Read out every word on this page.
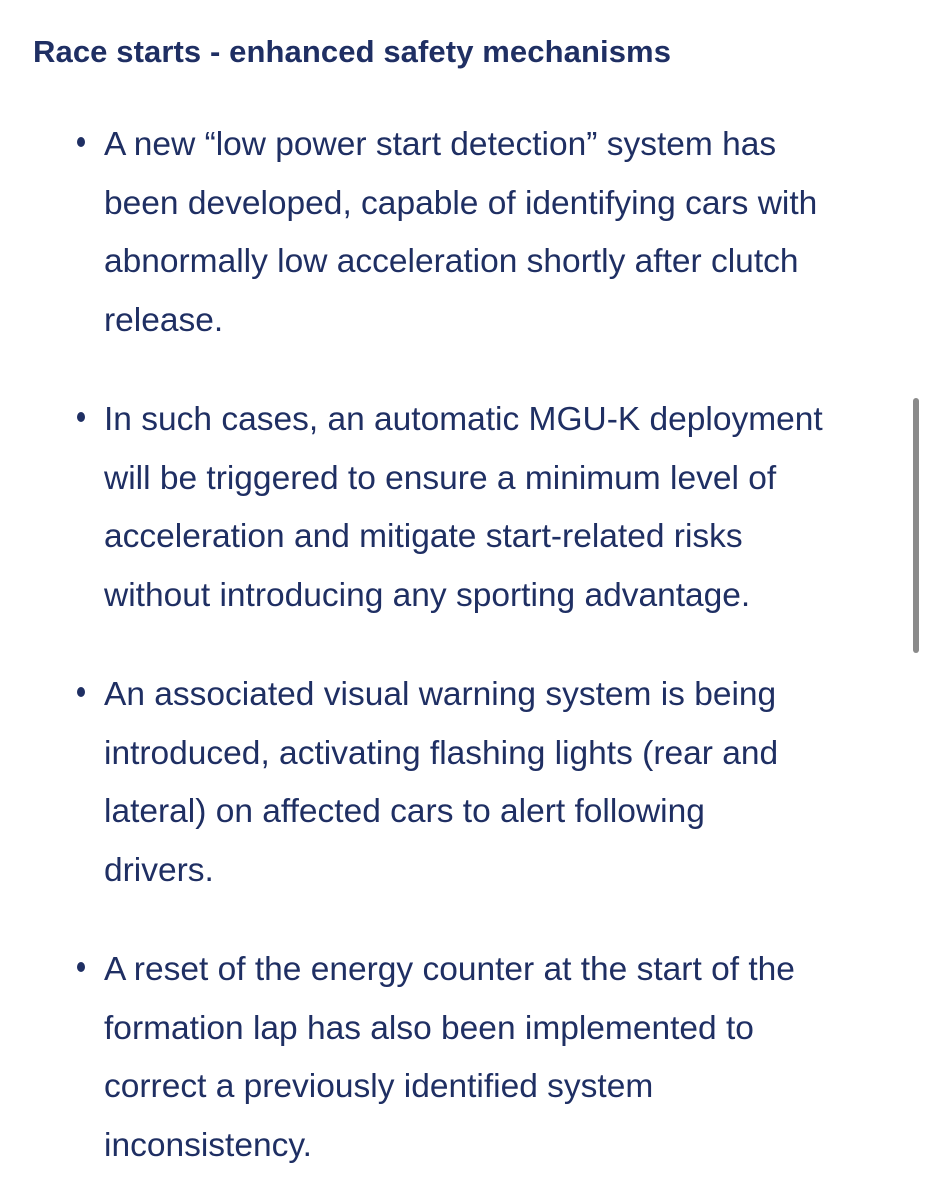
Race starts - enhanced safety mechanisms

A new “low power start detection” system has
been developed, capable of identifying cars with
abnormally low acceleration shortly after clutch
release.

In such cases, an automatic MGU-K deployment
will be triggered to ensure a minimum level of
acceleration and mitigate start-related risks
without introducing any sporting advantage.

An associated visual warning system is being
introduced, activating flashing lights (rear and
lateral) on affected cars to alert following
drivers.

A reset of the energy counter at the start of the
formation lap has also been implemented to
correct a previously identified system
inconsistency.
